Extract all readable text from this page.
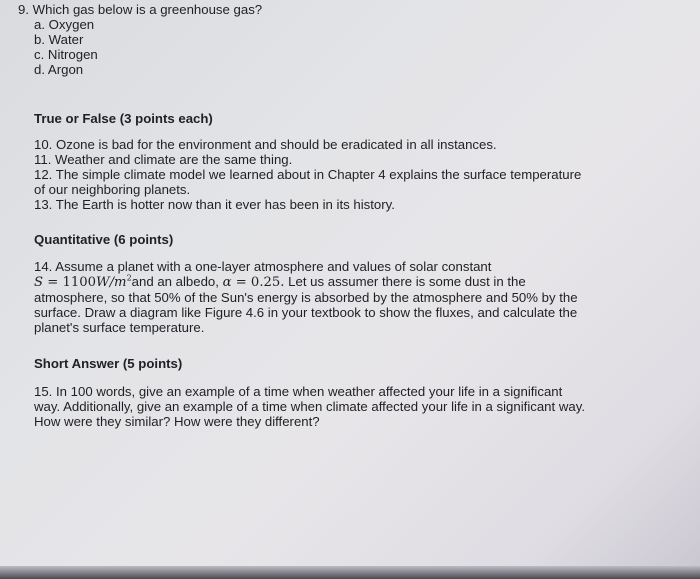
9. Which gas below is a greenhouse gas?
a. Oxygen
b. Water
c. Nitrogen
d. Argon
True or False (3 points each)
10. Ozone is bad for the environment and should be eradicated in all instances.
11. Weather and climate are the same thing.
12. The simple climate model we learned about in Chapter 4 explains the surface temperature
of our neighboring planets.
13. The Earth is hotter now than it ever has been in its history.
Quantitative (6 points)
14. Assume a planet with a one-layer atmosphere and values of solar constant
$S = 1100W/m^2and$ an albedo, α = 0.25. Let us assumer there is some dust in the
atmosphere, so that 50% of the Sun's energy is absorbed by the atmosphere and 50% by the
surface. Draw a diagram like Figure 4.6 in your textbook to show the fluxes, and calculate the
planet's surface temperature.
Short Answer (5 points)
15. In 100 words, give an example of a time when weather affected your life in a significant
way. Additionally, give an example of a time when climate affected your life in a significant way.
How were they similar? How were they different?
